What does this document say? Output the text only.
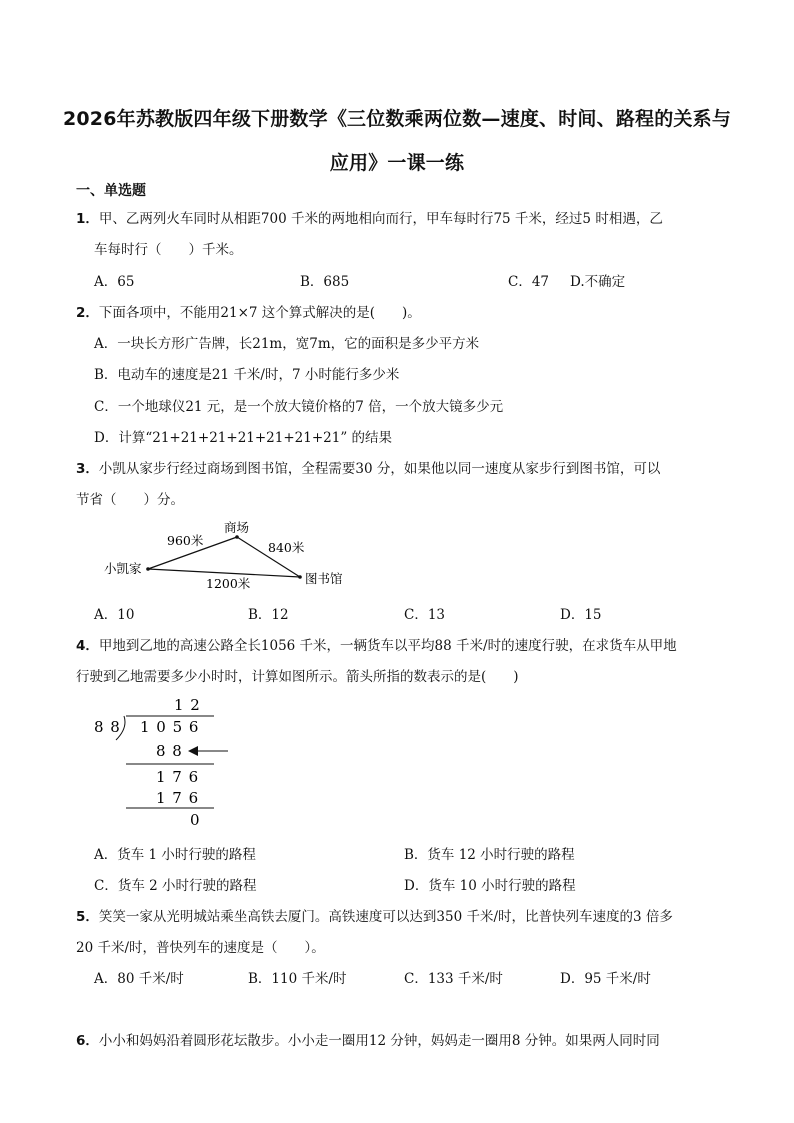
2026年苏教版四年级下册数学《三位数乘两位数—速度、时间、路程的关系与
应用》一课一练
一、单选题
1．甲、乙两列火车同时从相距700 千米的两地相向而行，甲车每时行75 千米，经过5 时相遇，乙
车每时行（　　）千米。
A．65	B．685	C．47 D.不确定
2．下面各项中，不能用21×7 这个算式解决的是(　　)。
A．一块长方形广告牌，长21m，宽7m，它的面积是多少平方米
B．电动车的速度是21 千米/时，7 小时能行多少米
C．一个地球仪21 元，是一个放大镜价格的7 倍，一个放大镜多少元
D．计算“21+21+21+21+21+21+21” 的结果
3．小凯从家步行经过商场到图书馆，全程需要30 分，如果他以同一速度从家步行到图书馆，可以
节省（　　）分。
商场
小凯家
图书馆
960米	840米
1200米
A．10	B．12	C．13	D．15
4．甲地到乙地的高速公路全长1056 千米，一辆货车以平均88 千米/时的速度行驶，在求货车从甲地
行驶到乙地需要多少小时时，计算如图所示。箭头所指的数表示的是(　　)
1 2
8 8 1 0 5 6
8 8
1 7 6
1 7 6
0
A．货车 1 小时行驶的路程	B．货车 12 小时行驶的路程
C．货车 2 小时行驶的路程	D．货车 10 小时行驶的路程
5．笑笑一家从光明城站乘坐高铁去厦门。高铁速度可以达到350 千米/时，比普快列车速度的3 倍多
20 千米/时，普快列车的速度是（　　）。
A．80 千米/时	B．110 千米/时	C．133 千米/时	D．95 千米/时
6．小小和妈妈沿着圆形花坛散步。小小走一圈用12 分钟，妈妈走一圈用8 分钟。如果两人同时同
